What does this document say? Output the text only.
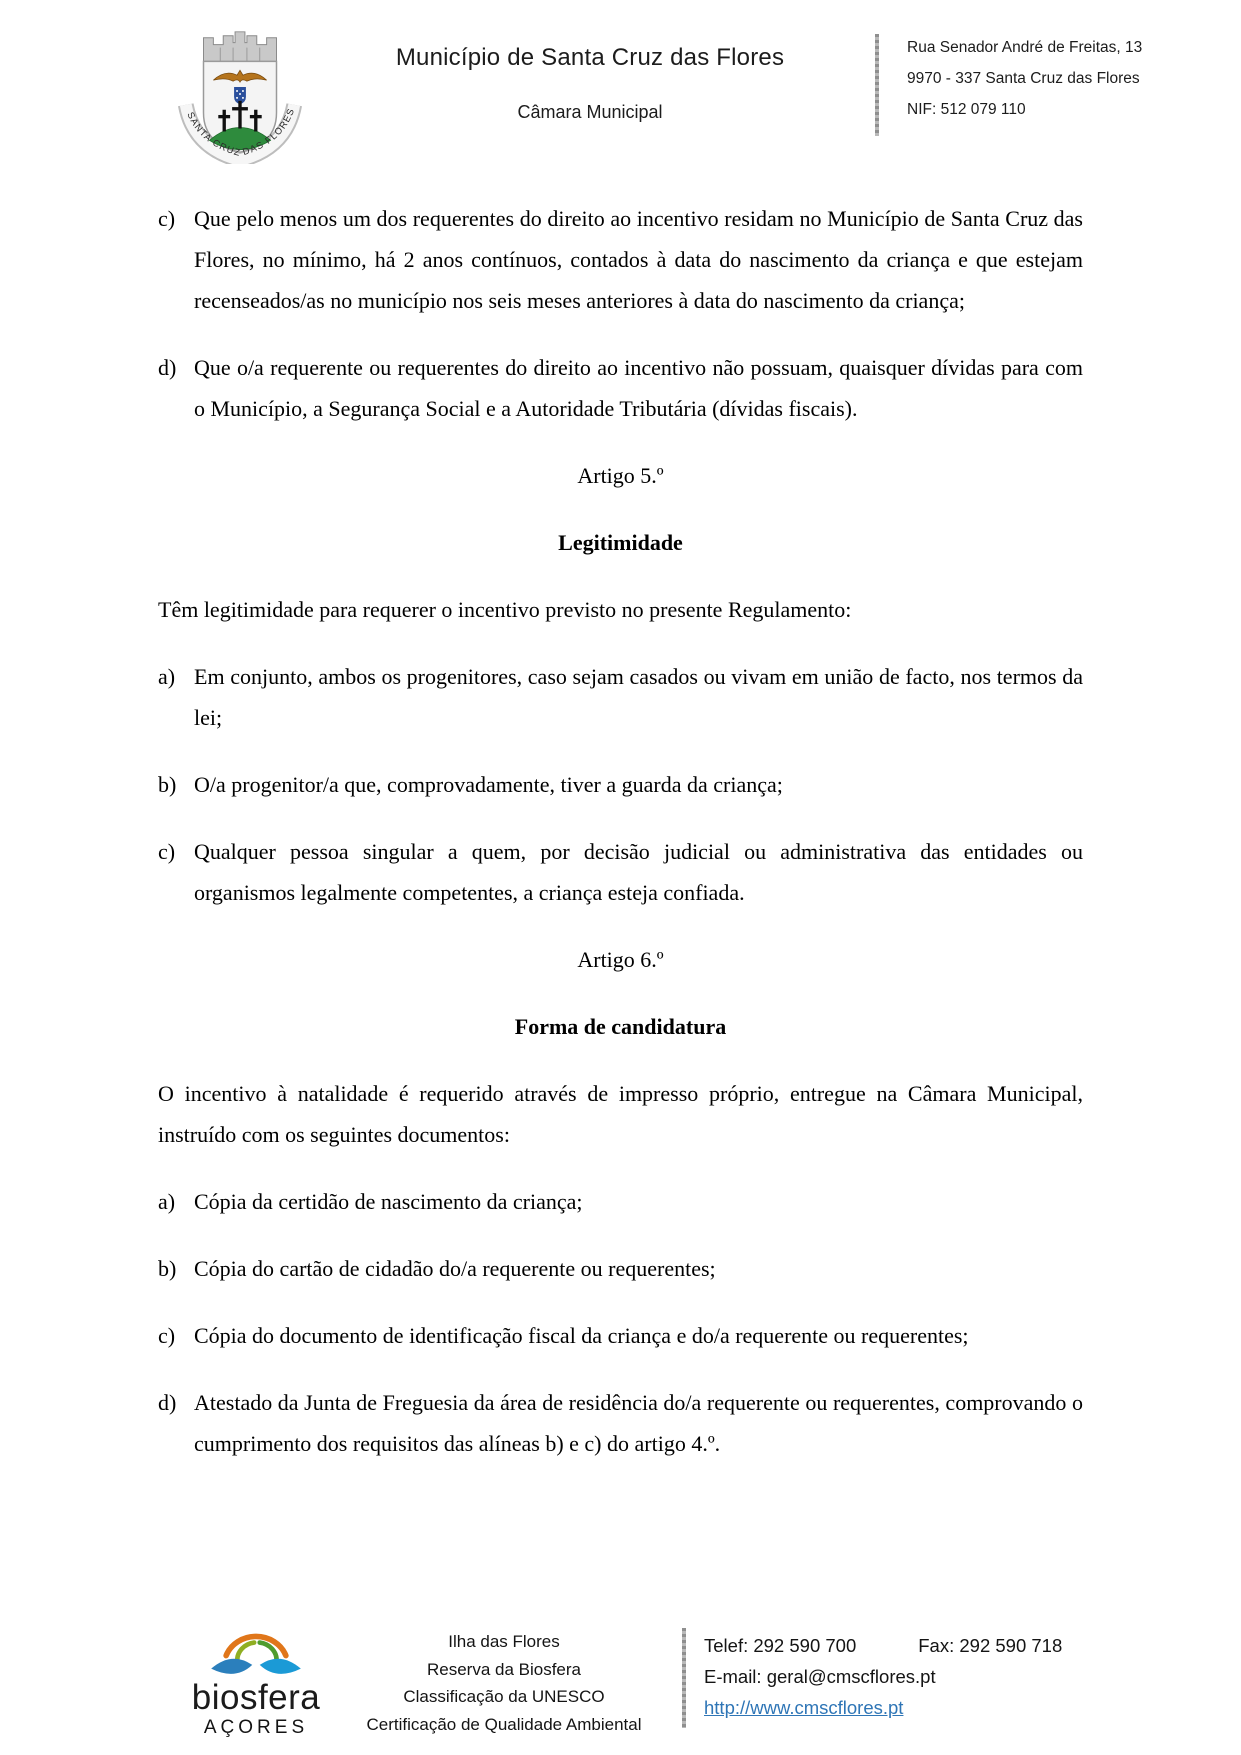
SANTA CRUZ DAS FLORES
Município de Santa Cruz das Flores
Câmara Municipal
Rua Senador André de Freitas, 13
9970 - 337 Santa Cruz das Flores
NIF: 512 079 110
c) Que pelo menos um dos requerentes do direito ao incentivo residam no Município de Santa Cruz das Flores, no mínimo, há 2 anos contínuos, contados à data do nascimento da criança e que estejam recenseados/as no município nos seis meses anteriores à data do nascimento da criança;
d) Que o/a requerente ou requerentes do direito ao incentivo não possuam, quaisquer dívidas para com o Município, a Segurança Social e a Autoridade Tributária (dívidas fiscais).
Artigo 5.º
Legitimidade
Têm legitimidade para requerer o incentivo previsto no presente Regulamento:
a) Em conjunto, ambos os progenitores, caso sejam casados ou vivam em união de facto, nos termos da lei;
b) O/a progenitor/a que, comprovadamente, tiver a guarda da criança;
c) Qualquer pessoa singular a quem, por decisão judicial ou administrativa das entidades ou organismos legalmente competentes, a criança esteja confiada.
Artigo 6.º
Forma de candidatura
O incentivo à natalidade é requerido através de impresso próprio, entregue na Câmara Municipal, instruído com os seguintes documentos:
a) Cópia da certidão de nascimento da criança;
b) Cópia do cartão de cidadão do/a requerente ou requerentes;
c) Cópia do documento de identificação fiscal da criança e do/a requerente ou requerentes;
d) Atestado da Junta de Freguesia da área de residência do/a requerente ou requerentes, comprovando o cumprimento dos requisitos das alíneas b) e c) do artigo 4.º.
biosfera
AÇORES
Ilha das Flores
Reserva da Biosfera
Classificação da UNESCO
Certificação de Qualidade Ambiental
Telef: 292 590 700	Fax: 292 590 718
E-mail: geral@cmscflores.pt
http://www.cmscflores.pt
